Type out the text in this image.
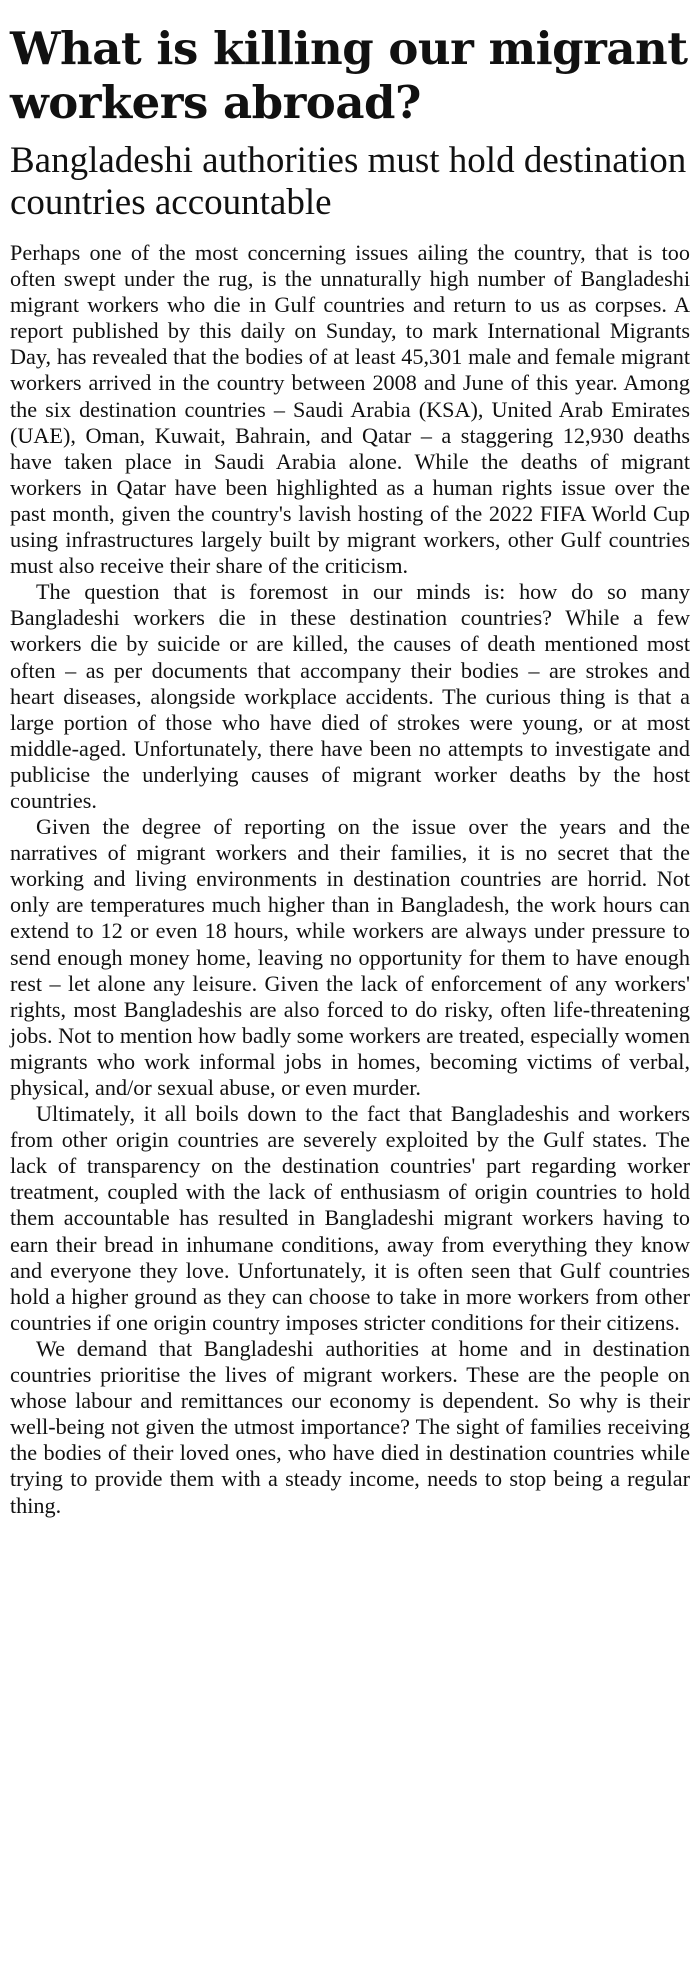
What is killing our migrant workers abroad?
Bangladeshi authorities must hold destination countries accountable

Perhaps one of the most concerning issues ailing the country, that is too often swept under the rug, is the unnaturally high number of Bangladeshi migrant workers who die in Gulf countries and return to us as corpses. A report published by this daily on Sunday, to mark International Migrants Day, has revealed that the bodies of at least 45,301 male and female migrant workers arrived in the country between 2008 and June of this year. Among the six destination countries – Saudi Arabia (KSA), United Arab Emirates (UAE), Oman, Kuwait, Bahrain, and Qatar – a staggering 12,930 deaths have taken place in Saudi Arabia alone. While the deaths of migrant workers in Qatar have been highlighted as a human rights issue over the past month, given the country's lavish hosting of the 2022 FIFA World Cup using infrastructures largely built by migrant workers, other Gulf countries must also receive their share of the criticism.

The question that is foremost in our minds is: how do so many Bangladeshi workers die in these destination countries? While a few workers die by suicide or are killed, the causes of death mentioned most often – as per documents that accompany their bodies – are strokes and heart diseases, alongside workplace accidents. The curious thing is that a large portion of those who have died of strokes were young, or at most middle-aged. Unfortunately, there have been no attempts to investigate and publicise the underlying causes of migrant worker deaths by the host countries.

Given the degree of reporting on the issue over the years and the narratives of migrant workers and their families, it is no secret that the working and living environments in destination countries are horrid. Not only are temperatures much higher than in Bangladesh, the work hours can extend to 12 or even 18 hours, while workers are always under pressure to send enough money home, leaving no opportunity for them to have enough rest – let alone any leisure. Given the lack of enforcement of any workers' rights, most Bangladeshis are also forced to do risky, often life-threatening jobs. Not to mention how badly some workers are treated, especially women migrants who work informal jobs in homes, becoming victims of verbal, physical, and/or sexual abuse, or even murder.

Ultimately, it all boils down to the fact that Bangladeshis and workers from other origin countries are severely exploited by the Gulf states. The lack of transparency on the destination countries' part regarding worker treatment, coupled with the lack of enthusiasm of origin countries to hold them accountable has resulted in Bangladeshi migrant workers having to earn their bread in inhumane conditions, away from everything they know and everyone they love. Unfortunately, it is often seen that Gulf countries hold a higher ground as they can choose to take in more workers from other countries if one origin country imposes stricter conditions for their citizens.

We demand that Bangladeshi authorities at home and in destination countries prioritise the lives of migrant workers. These are the people on whose labour and remittances our economy is dependent. So why is their well-being not given the utmost importance? The sight of families receiving the bodies of their loved ones, who have died in destination countries while trying to provide them with a steady income, needs to stop being a regular thing.
